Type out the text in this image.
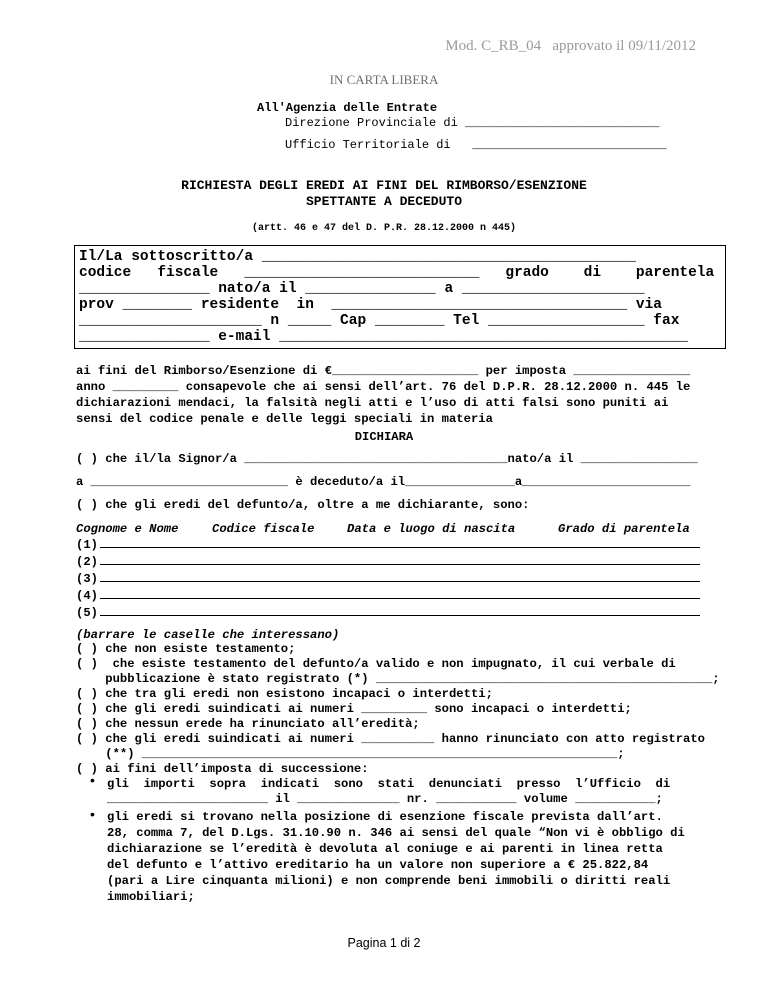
Mod. C_RB_04   approvato il 09/11/2012
IN CARTA LIBERA
All'Agenzia delle Entrate
Direzione Provinciale di ___________________________
Ufficio Territoriale di   ___________________________
RICHIESTA DEGLI EREDI AI FINI DEL RIMBORSO/ESENZIONE
SPETTANTE A DECEDUTO
(artt. 46 e 47 del D. P.R. 28.12.2000 n 445)
Il/La sottoscritto/a ___________________________________________
codice   fiscale   ___________________________   grado    di    parentela
_______________ nato/a il _______________ a _____________________
prov ________ residente  in  __________________________________ via
_____________________ n _____ Cap ________ Tel __________________ fax
_______________ e-mail _______________________________________________
ai fini del Rimborso/Esenzione di €____________________ per imposta ________________
anno _________ consapevole che ai sensi dell’art. 76 del D.P.R. 28.12.2000 n. 445 le
dichiarazioni mendaci, la falsità negli atti e l’uso di atti falsi sono puniti ai
sensi del codice penale e delle leggi speciali in materia
DICHIARA
( ) che il/la Signor/a ____________________________________nato/a il ________________
a ___________________________ è deceduto/a il_______________a_______________________
( ) che gli eredi del defunto/a, oltre a me dichiarante, sono:
Cognome e Nome	Codice fiscale	Data e luogo di nascita	Grado di parentela
(1)
(2)
(3)
(4)
(5)
(barrare le caselle che interessano)
( ) che non esiste testamento;
( )  che esiste testamento del defunto/a valido e non impugnato, il cui verbale di
pubblicazione è stato registrato (*) ______________________________________________;
( ) che tra gli eredi non esistono incapaci o interdetti;
( ) che gli eredi suindicati ai numeri _________ sono incapaci o interdetti;
( ) che nessun erede ha rinunciato all’eredità;
( ) che gli eredi suindicati ai numeri __________ hanno rinunciato con atto registrato
(**) _________________________________________________________________;
( ) ai fini dell’imposta di successione:
• gli  importi  sopra  indicati  sono  stati  denunciati  presso  l’Ufficio  di
______________________ il ______________ nr. ___________ volume ___________;
• gli eredi si trovano nella posizione di esenzione fiscale prevista dall’art.
28, comma 7, del D.Lgs. 31.10.90 n. 346 ai sensi del quale “Non vi è obbligo di
dichiarazione se l’eredità è devoluta al coniuge e ai parenti in linea retta
del defunto e l’attivo ereditario ha un valore non superiore a € 25.822,84
(pari a Lire cinquanta milioni) e non comprende beni immobili o diritti reali
immobiliari;
Pagina 1 di 2
